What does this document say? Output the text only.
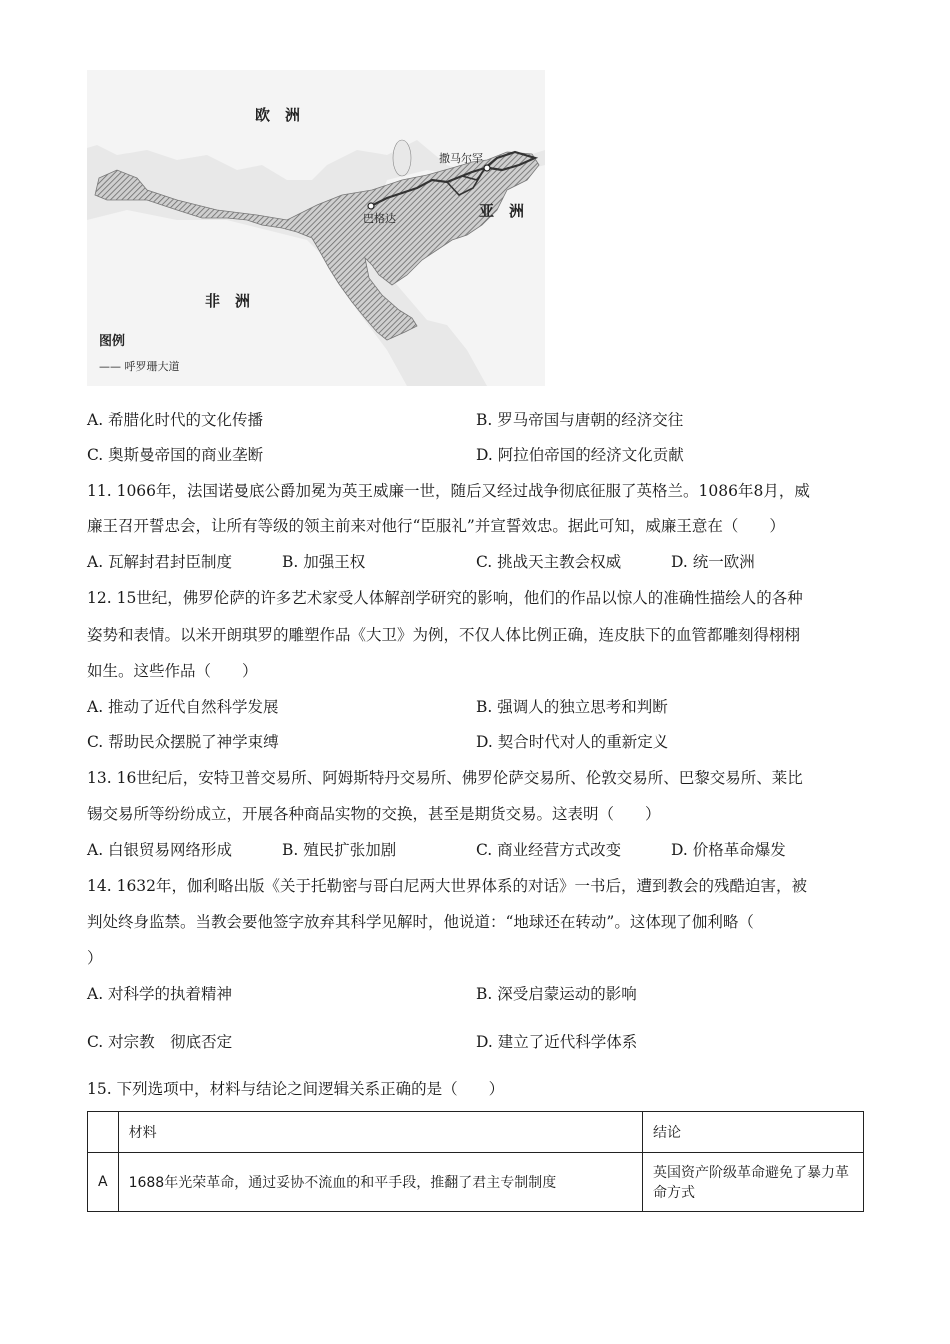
欧　洲
亚　洲
非　洲
撒马尔罕
巴格达
图例
—— 呼罗珊大道
A. 希腊化时代的文化传播	B. 罗马帝国与唐朝的经济交往
C. 奥斯曼帝国的商业垄断	D. 阿拉伯帝国的经济文化贡献
11. 1066年，法国诺曼底公爵加冕为英王威廉一世，随后又经过战争彻底征服了英格兰。1086年8月，威
廉王召开誓忠会，让所有等级的领主前来对他行“臣服礼”并宣誓效忠。据此可知，威廉王意在（　　）
A. 瓦解封君封臣制度	B. 加强王权	C. 挑战天主教会权威	D. 统一欧洲
12. 15世纪，佛罗伦萨的许多艺术家受人体解剖学研究的影响，他们的作品以惊人的准确性描绘人的各种
姿势和表情。以米开朗琪罗的雕塑作品《大卫》为例，不仅人体比例正确，连皮肤下的血管都雕刻得栩栩
如生。这些作品（　　）
A. 推动了近代自然科学发展	B. 强调人的独立思考和判断
C. 帮助民众摆脱了神学束缚	D. 契合时代对人的重新定义
13. 16世纪后，安特卫普交易所、阿姆斯特丹交易所、佛罗伦萨交易所、伦敦交易所、巴黎交易所、莱比
锡交易所等纷纷成立，开展各种商品实物的交换，甚至是期货交易。这表明（　　）
A. 白银贸易网络形成	B. 殖民扩张加剧	C. 商业经营方式改变	D. 价格革命爆发
14. 1632年，伽利略出版《关于托勒密与哥白尼两大世界体系的对话》一书后，遭到教会的残酷迫害，被
判处终身监禁。当教会要他签字放弃其科学见解时，他说道：“地球还在转动”。这体现了伽利略（
）
A. 对科学的执着精神	B. 深受启蒙运动的影响
C. 对宗教　彻底否定	D. 建立了近代科学体系
15. 下列选项中，材料与结论之间逻辑关系正确的是（　　）
	材料	结论
A	1688年光荣革命，通过妥协不流血的和平手段，推翻了君主专制制度	英国资产阶级革命避免了暴力革命方式
